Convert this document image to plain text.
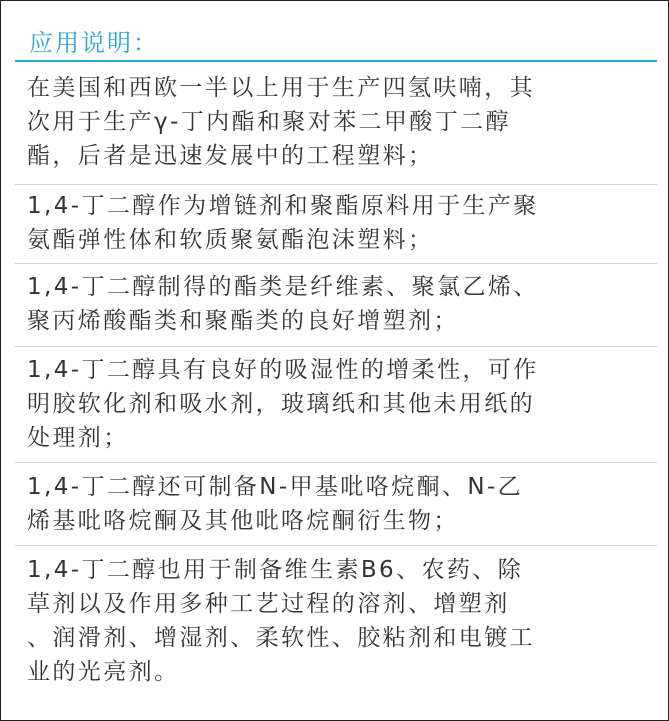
应用说明：

在美国和西欧一半以上用于生产四氢呋喃，其
次用于生产γ-丁内酯和聚对苯二甲酸丁二醇
酯，后者是迅速发展中的工程塑料；

1,4-丁二醇作为增链剂和聚酯原料用于生产聚
氨酯弹性体和软质聚氨酯泡沫塑料；

1,4-丁二醇制得的酯类是纤维素、聚氯乙烯、
聚丙烯酸酯类和聚酯类的良好增塑剂；

1,4-丁二醇具有良好的吸湿性的增柔性，可作
明胶软化剂和吸水剂，玻璃纸和其他未用纸的
处理剂；

1,4-丁二醇还可制备N-甲基吡咯烷酮、N-乙
烯基吡咯烷酮及其他吡咯烷酮衍生物；

1,4-丁二醇也用于制备维生素B6、农药、除
草剂以及作用多种工艺过程的溶剂、增塑剂
、润滑剂、增湿剂、柔软性、胶粘剂和电镀工
业的光亮剂。
